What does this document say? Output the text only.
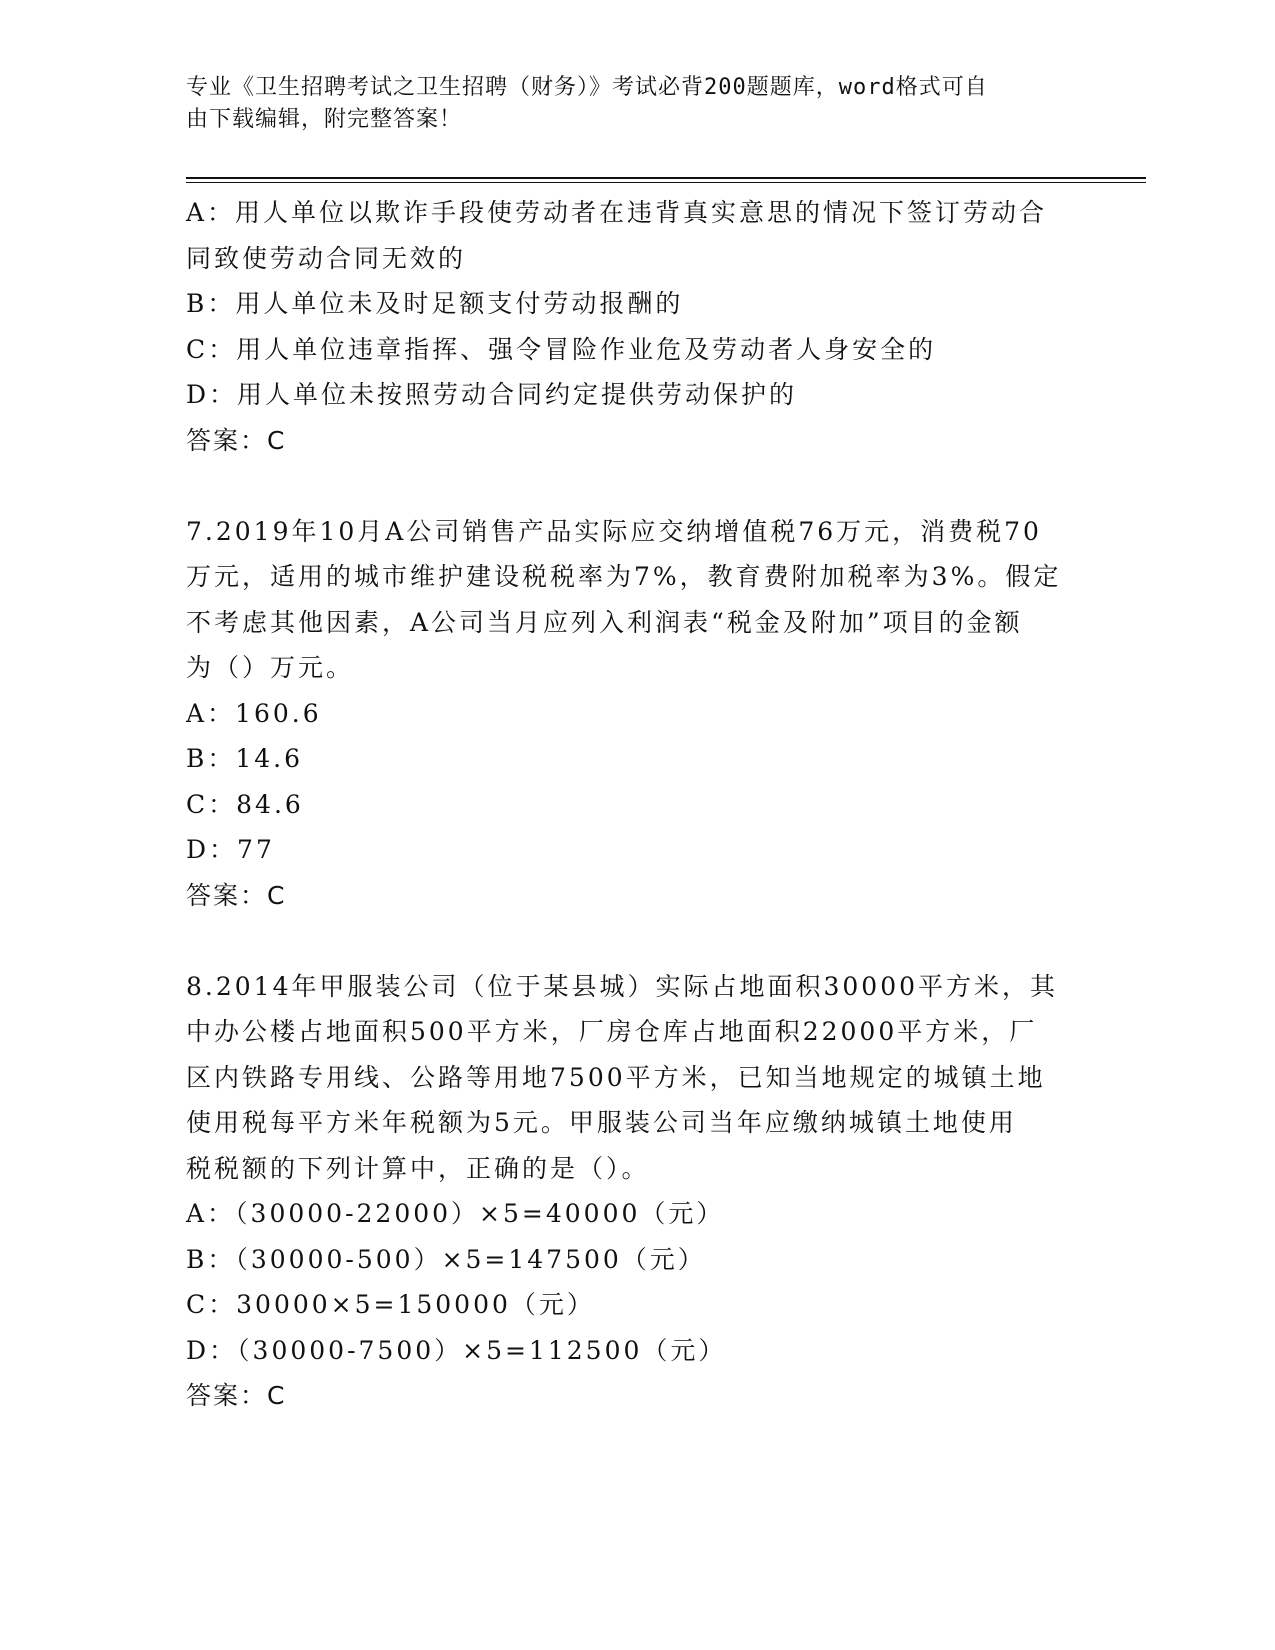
专业《卫生招聘考试之卫生招聘（财务）》考试必背200题题库，word格式可自
由下载编辑，附完整答案！
A：用人单位以欺诈手段使劳动者在违背真实意思的情况下签订劳动合
同致使劳动合同无效的
B：用人单位未及时足额支付劳动报酬的
C：用人单位违章指挥、强令冒险作业危及劳动者人身安全的
D：用人单位未按照劳动合同约定提供劳动保护的
答案：C
7.2019年10月A公司销售产品实际应交纳增值税76万元，消费税70
万元，适用的城市维护建设税税率为7%，教育费附加税率为3%。假定
不考虑其他因素，A公司当月应列入利润表“税金及附加”项目的金额
为（）万元。
A：160.6
B：14.6
C：84.6
D：77
答案：C
8.2014年甲服装公司（位于某县城）实际占地面积30000平方米，其
中办公楼占地面积500平方米，厂房仓库占地面积22000平方米，厂
区内铁路专用线、公路等用地7500平方米，已知当地规定的城镇土地
使用税每平方米年税额为5元。甲服装公司当年应缴纳城镇土地使用
税税额的下列计算中，正确的是（）。
A：（30000-22000）×5=40000（元）
B：（30000-500）×5=147500（元）
C：30000×5=150000（元）
D：（30000-7500）×5=112500（元）
答案：C
